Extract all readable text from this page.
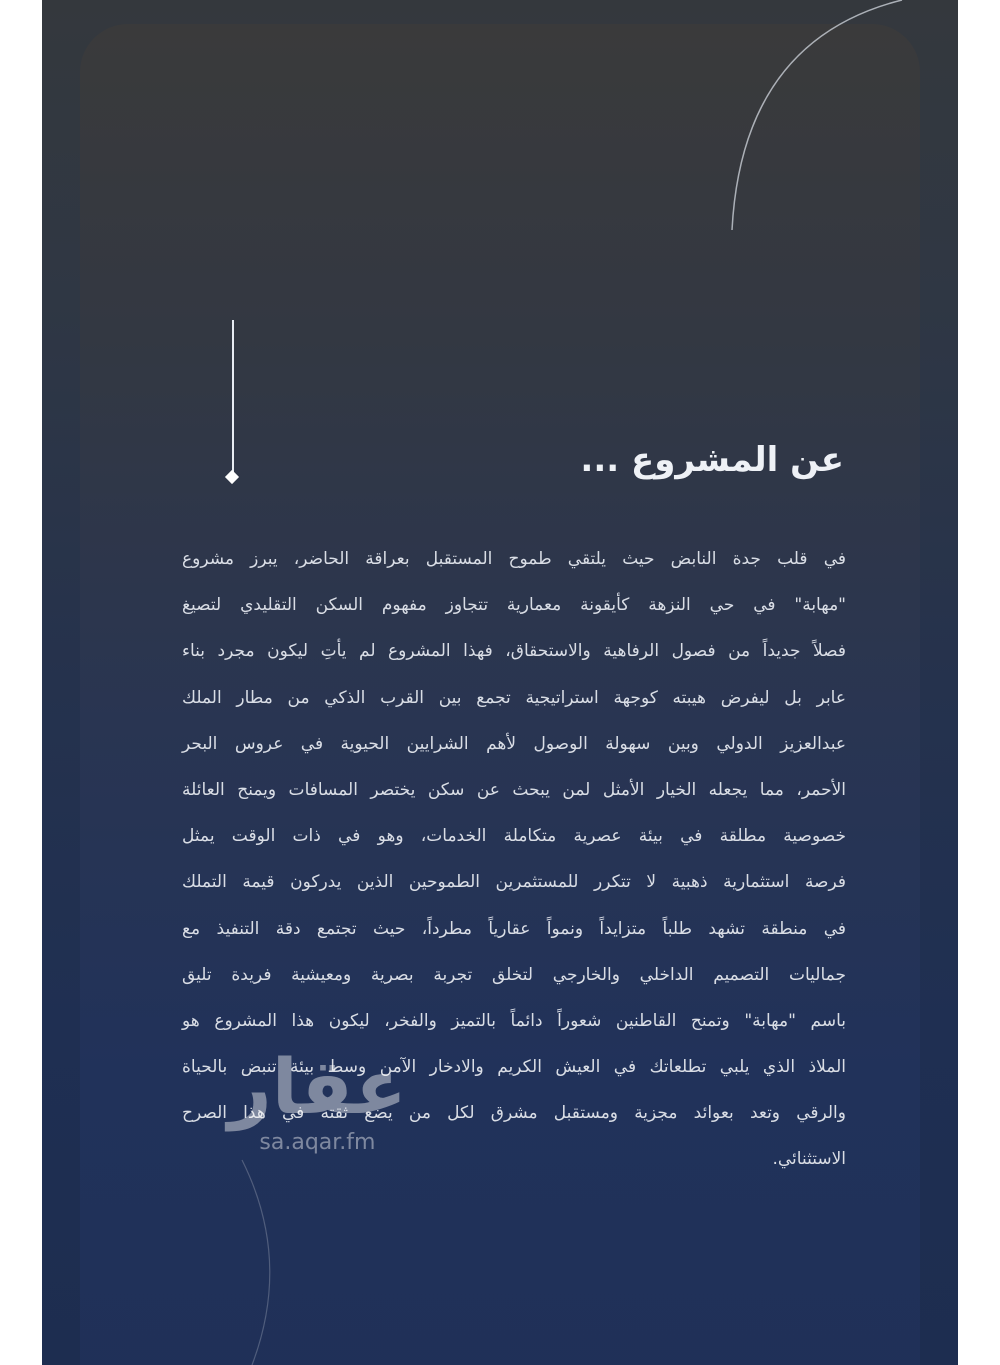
عن المشروع ...
في قلب جدة النابض حيث يلتقي طموح المستقبل بعراقة الحاضر، يبرز مشروع
"مهابة" في حي النزهة كأيقونة معمارية تتجاوز مفهوم السكن التقليدي لتصيغ
فصلاً جديداً من فصول الرفاهية والاستحقاق، فهذا المشروع لم يأتِ ليكون مجرد بناء
عابر بل ليفرض هيبته كوجهة استراتيجية تجمع بين القرب الذكي من مطار الملك
عبدالعزيز الدولي وبين سهولة الوصول لأهم الشرايين الحيوية في عروس البحر
الأحمر، مما يجعله الخيار الأمثل لمن يبحث عن سكن يختصر المسافات ويمنح العائلة
خصوصية مطلقة في بيئة عصرية متكاملة الخدمات، وهو في ذات الوقت يمثل
فرصة استثمارية ذهبية لا تتكرر للمستثمرين الطموحين الذين يدركون قيمة التملك
في منطقة تشهد طلباً متزايداً ونمواً عقارياً مطرداً، حيث تجتمع دقة التنفيذ مع
جماليات التصميم الداخلي والخارجي لتخلق تجربة بصرية ومعيشية فريدة تليق
باسم "مهابة" وتمنح القاطنين شعوراً دائماً بالتميز والفخر، ليكون هذا المشروع هو
الملاذ الذي يلبي تطلعاتك في العيش الكريم والادخار الآمن وسط بيئة تنبض بالحياة
والرقي وتعد بعوائد مجزية ومستقبل مشرق لكل من يضع ثقته في هذا الصرح
الاستثنائي.
عقار
sa.aqar.fm
